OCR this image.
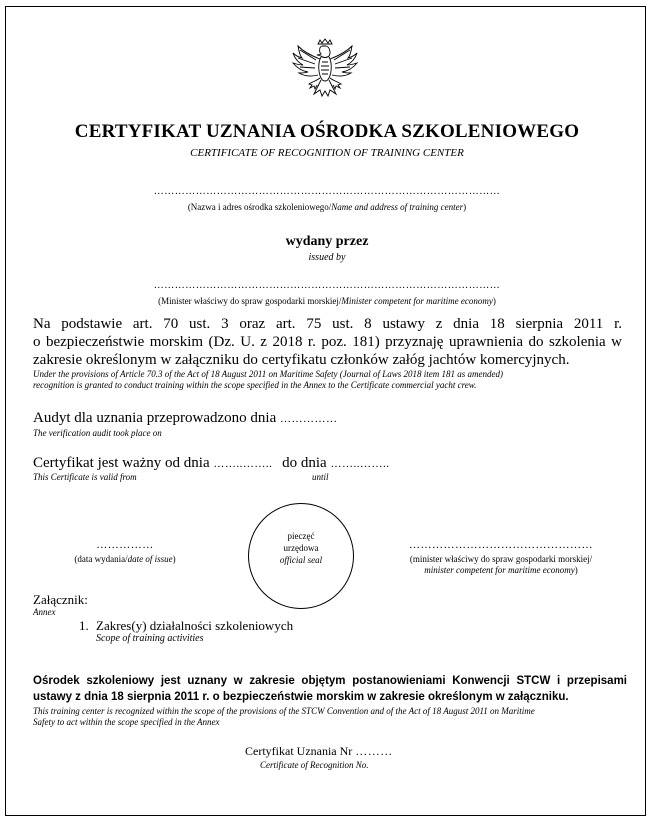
CERTYFIKAT UZNANIA OŚRODKA SZKOLENIOWEGO
CERTIFICATE OF RECOGNITION OF TRAINING CENTER
………………………………………………………………………………………
(Nazwa i adres ośrodka szkoleniowego/Name and address of training center)
wydany przez
issued by
………………………………………………………………………………………
(Minister właściwy do spraw gospodarki morskiej/Minister competent for maritime economy)
Na podstawie art. 70 ust. 3 oraz art. 75 ust. 8 ustawy z dnia 18 sierpnia 2011 r.
o bezpieczeństwie morskim (Dz. U. z 2018 r. poz. 181) przyznaję uprawnienia do szkolenia w
zakresie określonym w załączniku do certyfikatu członków załóg jachtów komercyjnych.
Under the provisions of Article 70.3 of the Act of 18 August 2011 on Maritime Safety (Journal of Laws 2018 item 181 as amended)
recognition is granted to conduct training within the scope specified in the Annex to the Certificate commercial yacht crew.
Audyt dla uznania przeprowadzono dnia ……………
The verification audit took place on
Certyfikat jest ważny od dnia ……..…….. do dnia ……..……..
This Certificate is valid from	until
……………
(data wydania/date of issue)
pieczęć
urzędowa
official seal
…………………………………………
(minister właściwy do spraw gospodarki morskiej/
minister competent for maritime economy)
Załącznik:
Annex
1. Zakres(y) działalności szkoleniowych
Scope of training activities
Ośrodek szkoleniowy jest uznany w zakresie objętym postanowieniami Konwencji STCW i przepisami
ustawy z dnia 18 sierpnia 2011 r. o bezpieczeństwie morskim w zakresie określonym w załączniku.
This training center is recognized within the scope of the provisions of the STCW Convention and of the Act of 18 August 2011 on Maritime
Safety to act within the scope specified in the Annex
Certyfikat Uznania Nr ………
Certificate of Recognition No.
